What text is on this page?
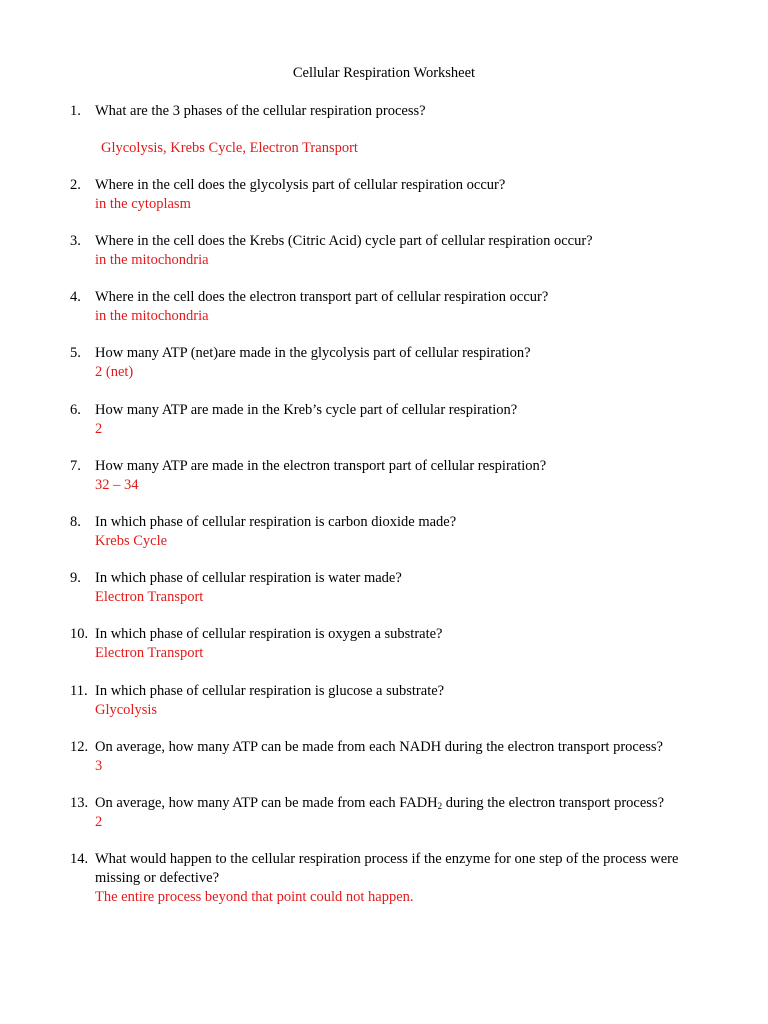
Cellular Respiration Worksheet
1. What are the 3 phases of the cellular respiration process?
Glycolysis, Krebs Cycle, Electron Transport
2. Where in the cell does the glycolysis part of cellular respiration occur?
in the cytoplasm
3. Where in the cell does the Krebs (Citric Acid) cycle part of cellular respiration occur?
in the mitochondria
4. Where in the cell does the electron transport part of cellular respiration occur?
in the mitochondria
5. How many ATP (net)are made in the glycolysis part of cellular respiration?
2 (net)
6. How many ATP are made in the Kreb’s cycle part of cellular respiration?
2
7. How many ATP are made in the electron transport part of cellular respiration?
32 – 34
8. In which phase of cellular respiration is carbon dioxide made?
Krebs Cycle
9. In which phase of cellular respiration is water made?
Electron Transport
10. In which phase of cellular respiration is oxygen a substrate?
Electron Transport
11. In which phase of cellular respiration is glucose a substrate?
Glycolysis
12. On average, how many ATP can be made from each NADH during the electron transport process?
3
13. On average, how many ATP can be made from each $FADH_2$ during the electron transport process?
2
14. What would happen to the cellular respiration process if the enzyme for one step of the process were missing or defective?
The entire process beyond that point could not happen.
